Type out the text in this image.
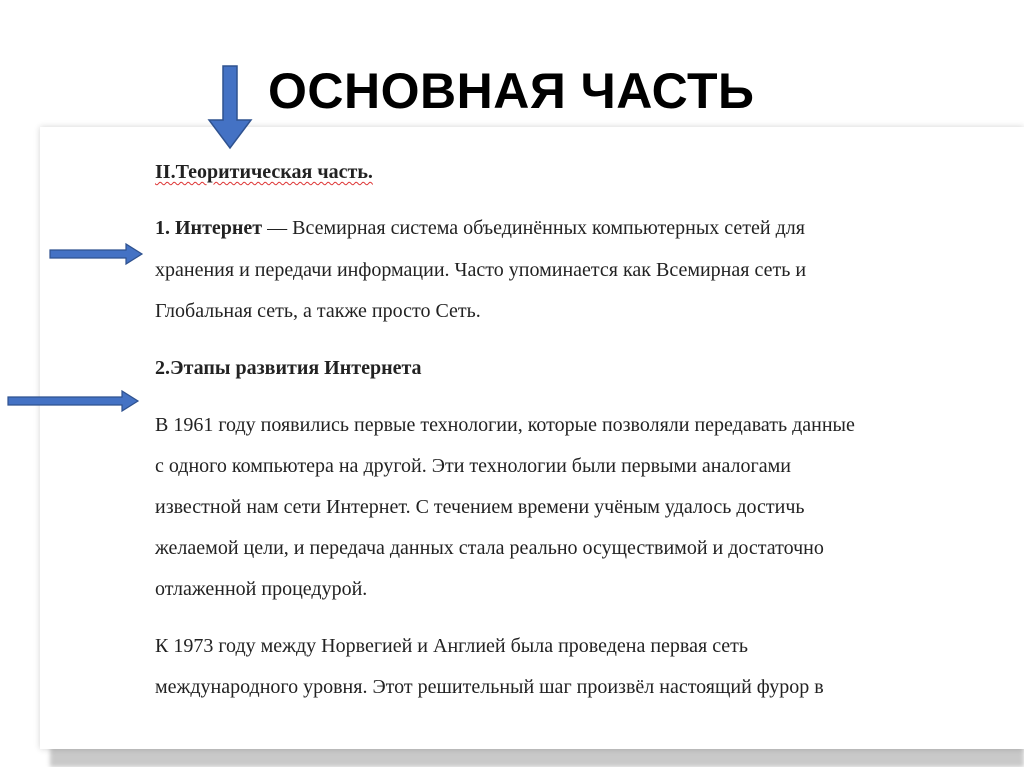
ОСНОВНАЯ ЧАСТЬ
II.Теоритическая часть.
1. Интернет — Всемирная система объединённых компьютерных сетей для
хранения и передачи информации. Часто упоминается как Всемирная сеть и
Глобальная сеть, а также просто Сеть.
2.Этапы развития Интернета
В 1961 году появились первые технологии, которые позволяли передавать данные
с одного компьютера на другой. Эти технологии были первыми аналогами
известной нам сети Интернет. С течением времени учёным удалось достичь
желаемой цели, и передача данных стала реально осуществимой и достаточно
отлаженной процедурой.
К 1973 году между Норвегией и Англией была проведена первая сеть
международного уровня. Этот решительный шаг произвёл настоящий фурор в
